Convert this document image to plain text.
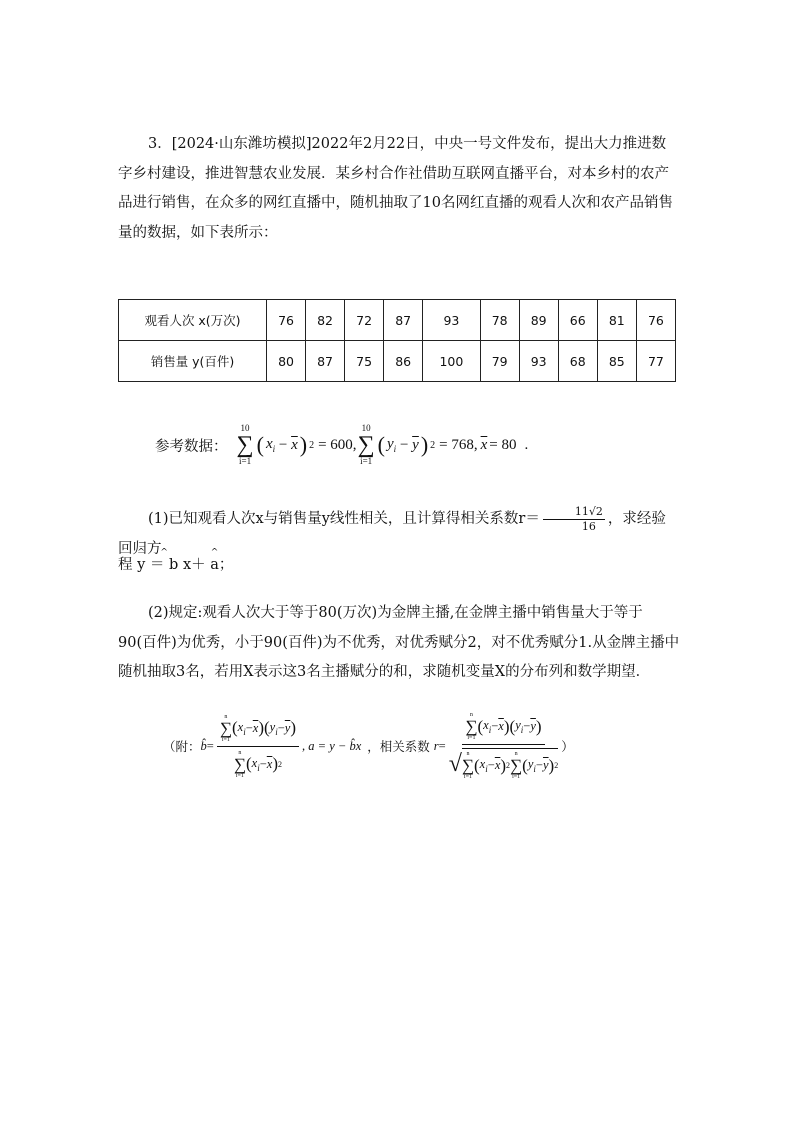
3．[2024·山东潍坊模拟]2022年2月22日，中央一号文件发布，提出大力推进数字乡村建设，推进智慧农业发展．某乡村合作社借助互联网直播平台，对本乡村的农产品进行销售，在众多的网红直播中，随机抽取了10名网红直播的观看人次和农产品销售量的数据，如下表所示：
观看人次 x(万次)	76	82	72	87	93	78	89	66	81	76
销售量 y(百件)	80	87	75	86	100	79	93	68	85	77
参考数据：
10
∑
i=1
( $x_i - \overline{x}$ ) 2 = 600,
10
∑
i=1
( $y_i - \overline{y}$ ) 2 = 768, $\overline{x} = 80$ .
(1)已知观看人次x与销售量y线性相关，且计算得相关系数$r= \frac{11√2}{16}$ ，求经验回归方
程 ^ y ^ ＝ b x＋ ^ a；
(2)规定:观看人次大于等于80(万次)为金牌主播,在金牌主播中销售量大于等于90(百件)为优秀，小于90(百件)为不优秀，对优秀赋分2，对不优秀赋分1.从金牌主播中随机抽取3名，若用X表示这3名主播赋分的和，求随机变量X的分布列和数学期望．
（附： b̂ = n
∑
i=1
( $x_i - \overline{x}$ )( $y_i - \overline{y}$ )
n
∑
i=1
( $x_i - \overline{x}$ ) 2 , a = y − b̂x ，相关系数 r =
n
∑
i=1
( $x_i - \overline{x}$ )( $y_i - \overline{y}$ )
√ n
∑
i=1
( $x_i - \overline{x}$ ) 2
n
∑
i=1
( $y_i - \overline{y}$ ) 2
）
